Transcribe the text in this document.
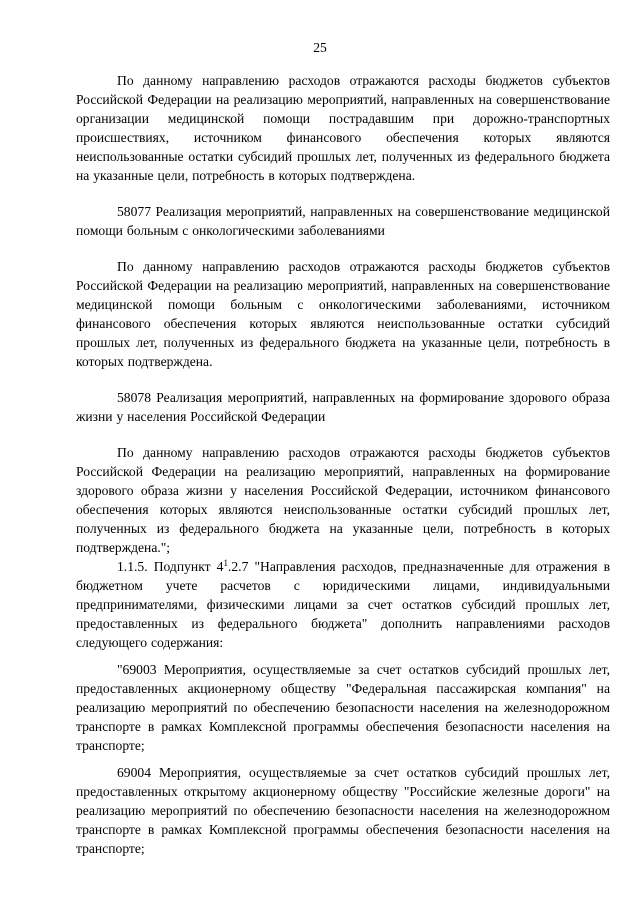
25

По данному направлению расходов отражаются расходы бюджетов субъектов Российской Федерации на реализацию мероприятий, направленных на совершенствование организации медицинской помощи пострадавшим при дорожно-транспортных происшествиях, источником финансового обеспечения которых являются неиспользованные остатки субсидий прошлых лет, полученных из федерального бюджета на указанные цели, потребность в которых подтверждена.

58077 Реализация мероприятий, направленных на совершенствование медицинской помощи больным с онкологическими заболеваниями

По данному направлению расходов отражаются расходы бюджетов субъектов Российской Федерации на реализацию мероприятий, направленных на совершенствование медицинской помощи больным с онкологическими заболеваниями, источником финансового обеспечения которых являются неиспользованные остатки субсидий прошлых лет, полученных из федерального бюджета на указанные цели, потребность в которых подтверждена.

58078 Реализация мероприятий, направленных на формирование здорового образа жизни у населения Российской Федерации

По данному направлению расходов отражаются расходы бюджетов субъектов Российской Федерации на реализацию мероприятий, направленных на формирование здорового образа жизни у населения Российской Федерации, источником финансового обеспечения которых являются неиспользованные остатки субсидий прошлых лет, полученных из федерального бюджета на указанные цели, потребность в которых подтверждена.";

1.1.5. Подпункт $4^1.2.7$ "Направления расходов, предназначенные для отражения в бюджетном учете расчетов с юридическими лицами, индивидуальными предпринимателями, физическими лицами за счет остатков субсидий прошлых лет, предоставленных из федерального бюджета" дополнить направлениями расходов следующего содержания:

"69003 Мероприятия, осуществляемые за счет остатков субсидий прошлых лет, предоставленных акционерному обществу "Федеральная пассажирская компания" на реализацию мероприятий по обеспечению безопасности населения на железнодорожном транспорте в рамках Комплексной программы обеспечения безопасности населения на транспорте;

69004 Мероприятия, осуществляемые за счет остатков субсидий прошлых лет, предоставленных открытому акционерному обществу "Российские железные дороги" на реализацию мероприятий по обеспечению безопасности населения на железнодорожном транспорте в рамках Комплексной программы обеспечения безопасности населения на транспорте;
